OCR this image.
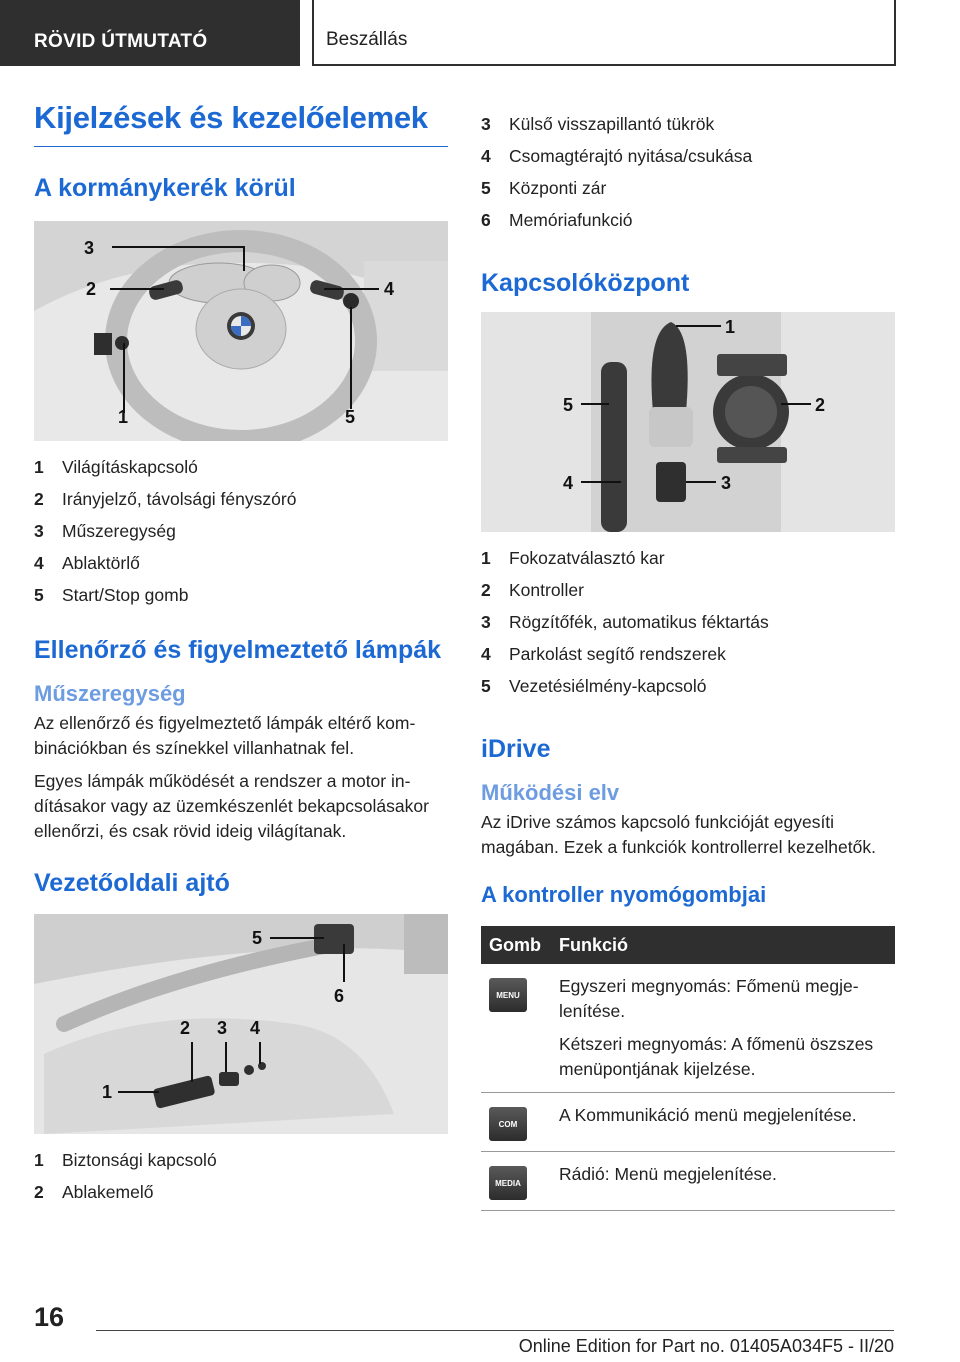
RÖVID ÚTMUTATÓ	Beszállás
Kijelzések és kezelőelemek
A kormánykerék körül
3
2
1
4
5
1	Világításkapcsoló
2	Irányjelző, távolsági fényszóró
3	Műszeregység
4	Ablaktörlő
5	Start/Stop gomb
Ellenőrző és figyelmeztető lámpák
Műszeregység

Az ellenőrző és figyelmeztető lámpák eltérő kombinációkban és színekkel villanhatnak fel.

Egyes lámpák működését a rendszer a motor indításakor vagy az üzemkészenlét bekapcsolásakor ellenőrzi, és csak rövid ideig világítanak.

Vezetőoldali ajtó
1
2 3 4
5
6
1	Biztonsági kapcsoló
2	Ablakemelő
3	Külső visszapillantó tükrök
4	Csomagtérajtó nyitása/csukása
5	Központi zár
6	Memóriafunkció
Kapcsolóközpont
1
2
3
4
5
1	Fokozatválasztó kar
2	Kontroller
3	Rögzítőfék, automatikus féktartás
4	Parkolást segítő rendszerek
5	Vezetésiélmény-kapcsoló
iDrive
Működési elv

Az iDrive számos kapcsoló funkcióját egyesíti magában. Ezek a funkciók kontrollerrel kezelhetők.

A kontroller nyomógombjai
Gomb	Funkció

MENU	Egyszeri megnyomás: Főmenü megjelenítése.

Kétszeri megnyomás: A főmenü öszszes menüpontjának kijelzése.

COM	A Kommunikáció menü megjelenítése.

MEDIA	Rádió: Menü megjelenítése.

16
Online Edition for Part no. 01405A034F5 - II/20
